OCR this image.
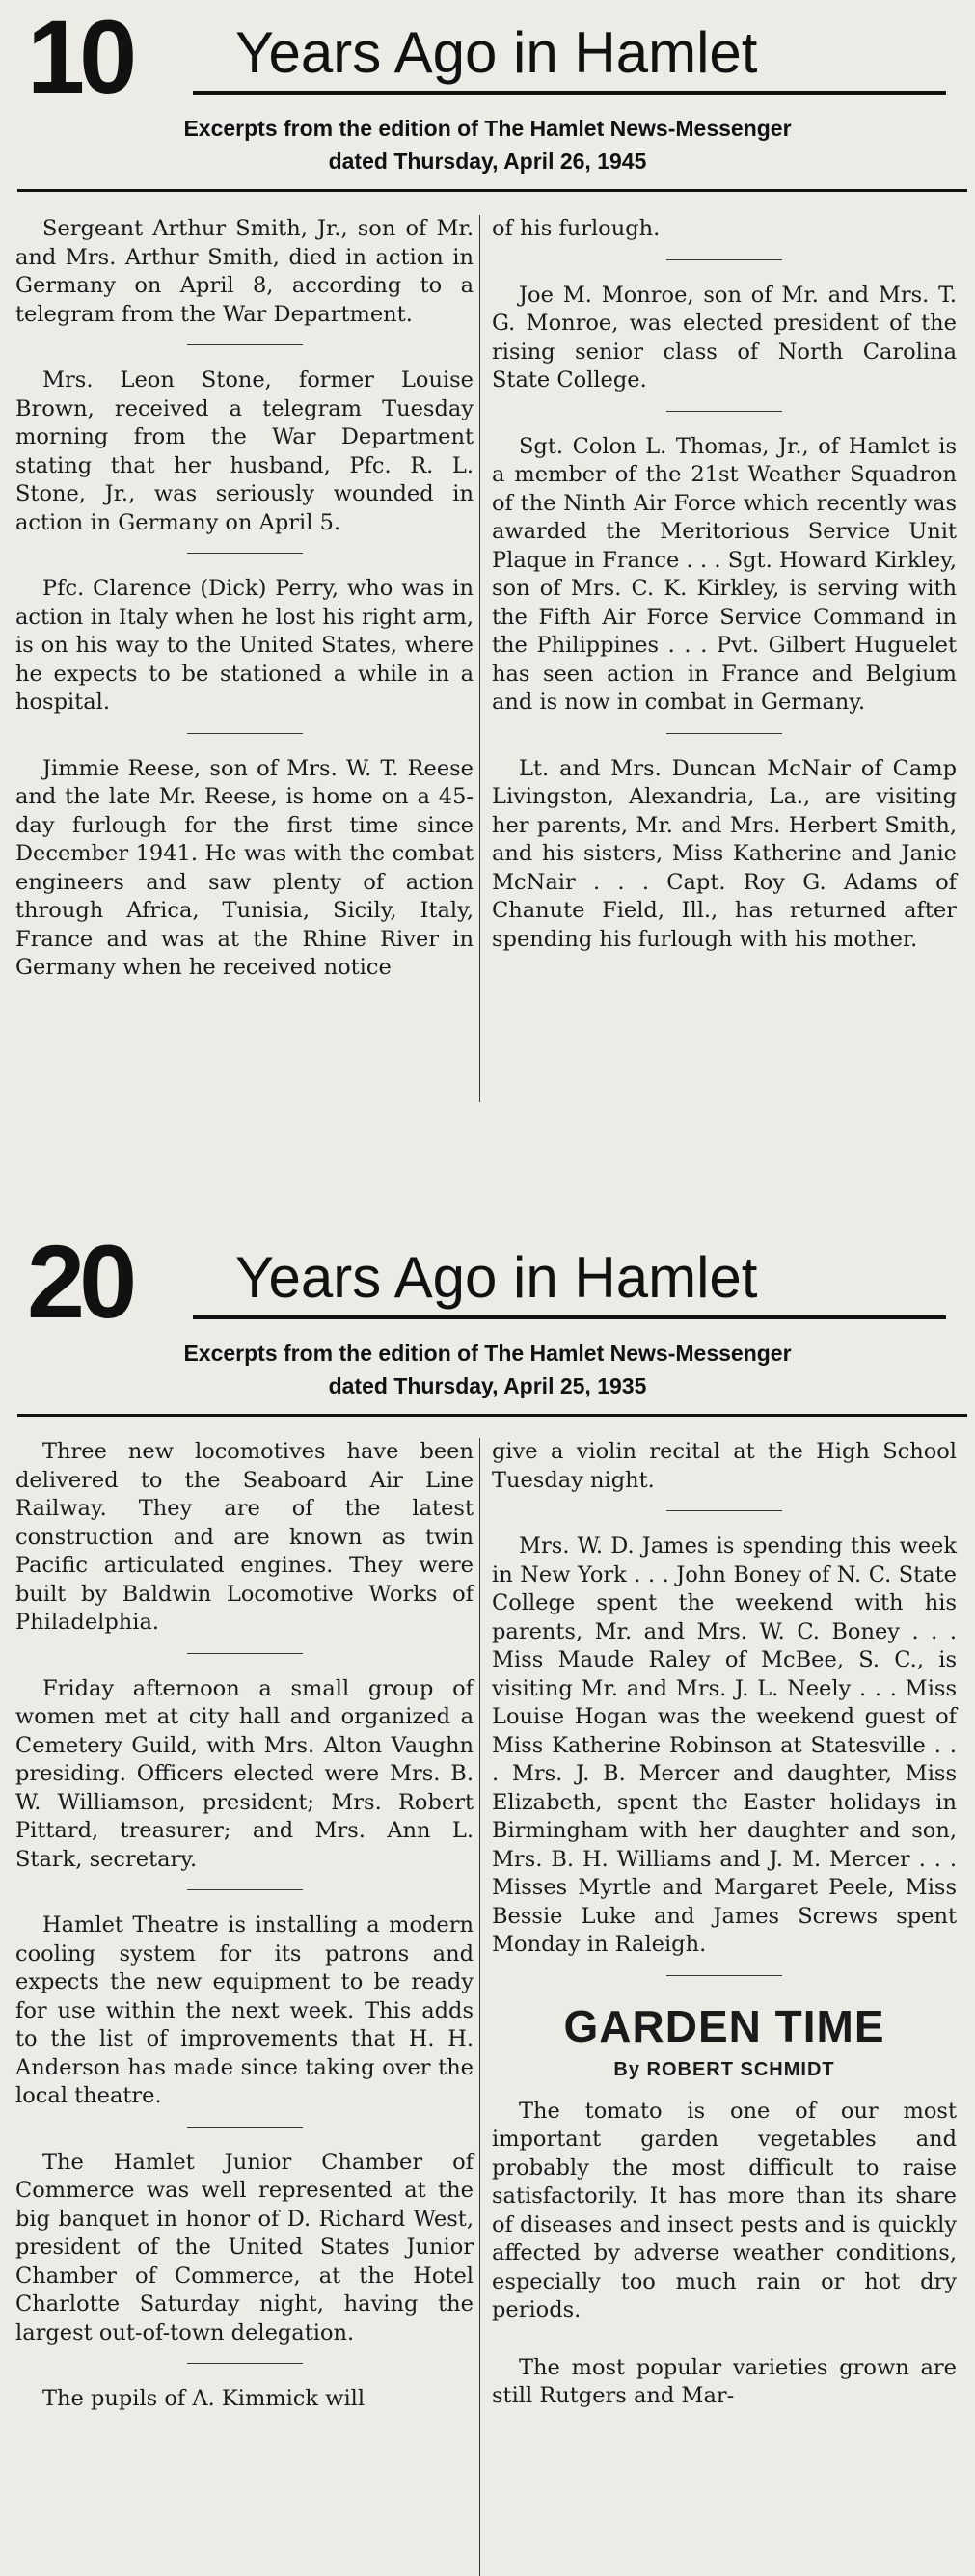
10 Years Ago in Hamlet
Excerpts from the edition of The Hamlet News-Messenger
dated Thursday, April 26, 1945

Sergeant Arthur Smith, Jr., son of Mr. and Mrs. Arthur Smith, died in action in Germany on April 8, according to a telegram from the War Department.

Mrs. Leon Stone, former Louise Brown, received a telegram Tuesday morning from the War Department stating that her husband, Pfc. R. L. Stone, Jr., was seriously wounded in action in Germany on April 5.

Pfc. Clarence (Dick) Perry, who was in action in Italy when he lost his right arm, is on his way to the United States, where he expects to be stationed a while in a hospital.

Jimmie Reese, son of Mrs. W. T. Reese and the late Mr. Reese, is home on a 45-day furlough for the first time since December 1941. He was with the combat engineers and saw plenty of action through Africa, Tunisia, Sicily, Italy, France and was at the Rhine River in Germany when he received notice

of his furlough.

Joe M. Monroe, son of Mr. and Mrs. T. G. Monroe, was elected president of the rising senior class of North Carolina State College.

Sgt. Colon L. Thomas, Jr., of Hamlet is a member of the 21st Weather Squadron of the Ninth Air Force which recently was awarded the Meritorious Service Unit Plaque in France . . . Sgt. Howard Kirkley, son of Mrs. C. K. Kirkley, is serving with the Fifth Air Force Service Command in the Philippines . . . Pvt. Gilbert Huguelet has seen action in France and Belgium and is now in combat in Germany.

Lt. and Mrs. Duncan McNair of Camp Livingston, Alexandria, La., are visiting her parents, Mr. and Mrs. Herbert Smith, and his sisters, Miss Katherine and Janie McNair . . . Capt. Roy G. Adams of Chanute Field, Ill., has returned after spending his furlough with his mother.

20 Years Ago in Hamlet
Excerpts from the edition of The Hamlet News-Messenger
dated Thursday, April 25, 1935

Three new locomotives have been delivered to the Seaboard Air Line Railway. They are of the latest construction and are known as twin Pacific articulated engines. They were built by Baldwin Locomotive Works of Philadelphia.

Friday afternoon a small group of women met at city hall and organized a Cemetery Guild, with Mrs. Alton Vaughn presiding. Officers elected were Mrs. B. W. Williamson, president; Mrs. Robert Pittard, treasurer; and Mrs. Ann L. Stark, secretary.

Hamlet Theatre is installing a modern cooling system for its patrons and expects the new equipment to be ready for use within the next week. This adds to the list of improvements that H. H. Anderson has made since taking over the local theatre.

The Hamlet Junior Chamber of Commerce was well represented at the big banquet in honor of D. Richard West, president of the United States Junior Chamber of Commerce, at the Hotel Charlotte Saturday night, having the largest out-of-town delegation.

The pupils of A. Kimmick will

give a violin recital at the High School Tuesday night.

Mrs. W. D. James is spending this week in New York . . . John Boney of N. C. State College spent the weekend with his parents, Mr. and Mrs. W. C. Boney . . . Miss Maude Raley of McBee, S. C., is visiting Mr. and Mrs. J. L. Neely . . . Miss Louise Hogan was the weekend guest of Miss Katherine Robinson at Statesville . . . Mrs. J. B. Mercer and daughter, Miss Elizabeth, spent the Easter holidays in Birmingham with her daughter and son, Mrs. B. H. Williams and J. M. Mercer . . . Misses Myrtle and Margaret Peele, Miss Bessie Luke and James Screws spent Monday in Raleigh.

GARDEN TIME
By ROBERT SCHMIDT

The tomato is one of our most important garden vegetables and probably the most difficult to raise satisfactorily. It has more than its share of diseases and insect pests and is quickly affected by adverse weather conditions, especially too much rain or hot dry periods.

The most popular varieties grown are still Rutgers and Mar-
